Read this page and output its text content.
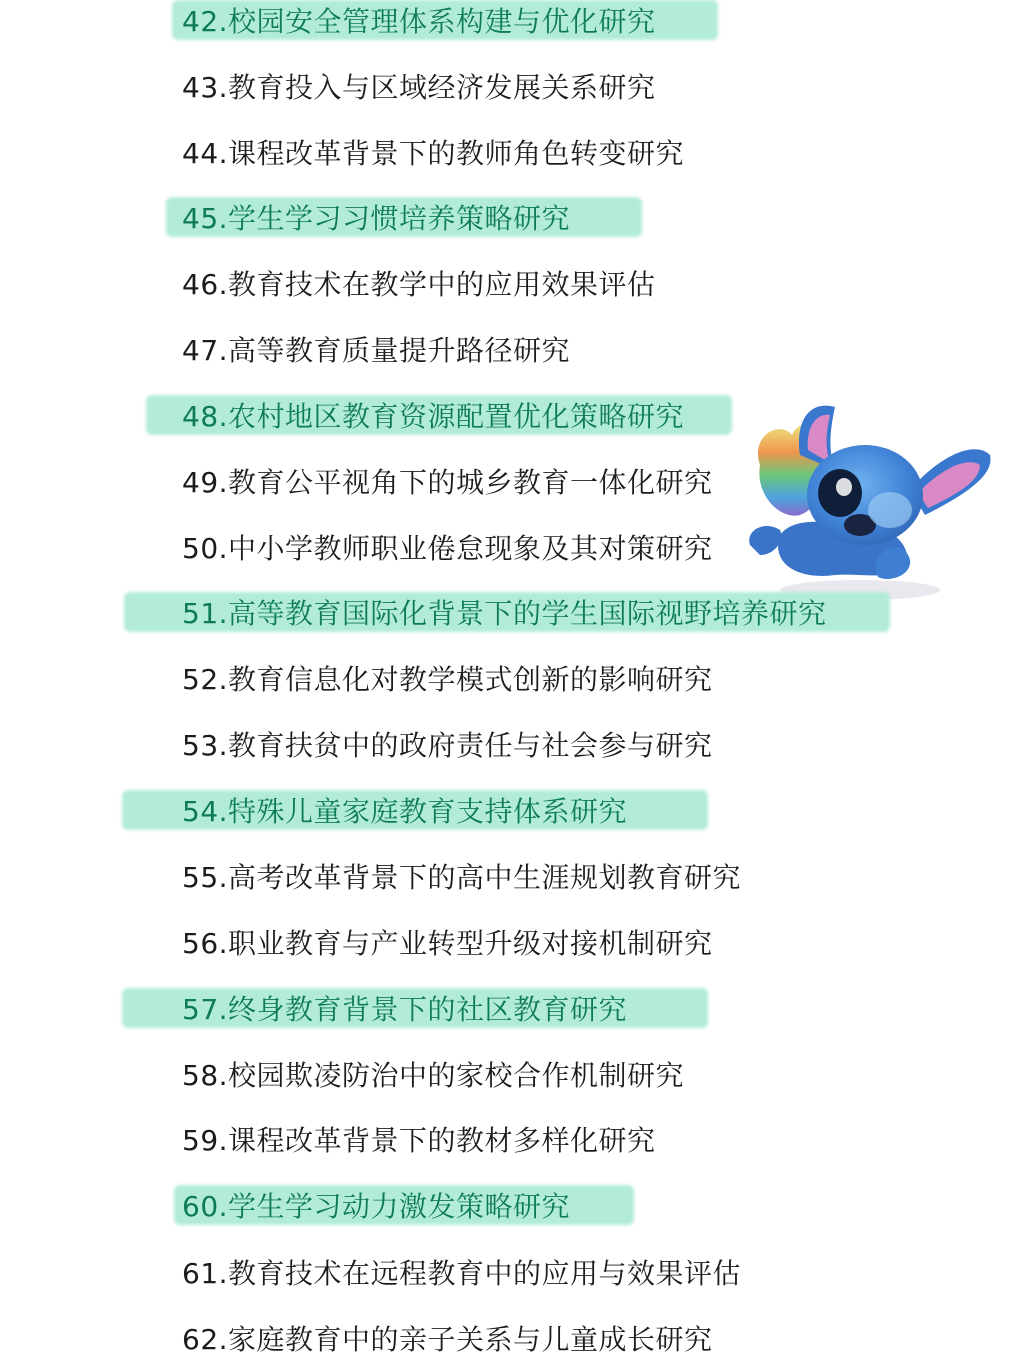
42.校园安全管理体系构建与优化研究
43.教育投入与区域经济发展关系研究
44.课程改革背景下的教师角色转变研究
45.学生学习习惯培养策略研究
46.教育技术在教学中的应用效果评估
47.高等教育质量提升路径研究
48.农村地区教育资源配置优化策略研究
49.教育公平视角下的城乡教育一体化研究
50.中小学教师职业倦怠现象及其对策研究
51.高等教育国际化背景下的学生国际视野培养研究
52.教育信息化对教学模式创新的影响研究
53.教育扶贫中的政府责任与社会参与研究
54.特殊儿童家庭教育支持体系研究
55.高考改革背景下的高中生涯规划教育研究
56.职业教育与产业转型升级对接机制研究
57.终身教育背景下的社区教育研究
58.校园欺凌防治中的家校合作机制研究
59.课程改革背景下的教材多样化研究
60.学生学习动力激发策略研究
61.教育技术在远程教育中的应用与效果评估
62.家庭教育中的亲子关系与儿童成长研究
